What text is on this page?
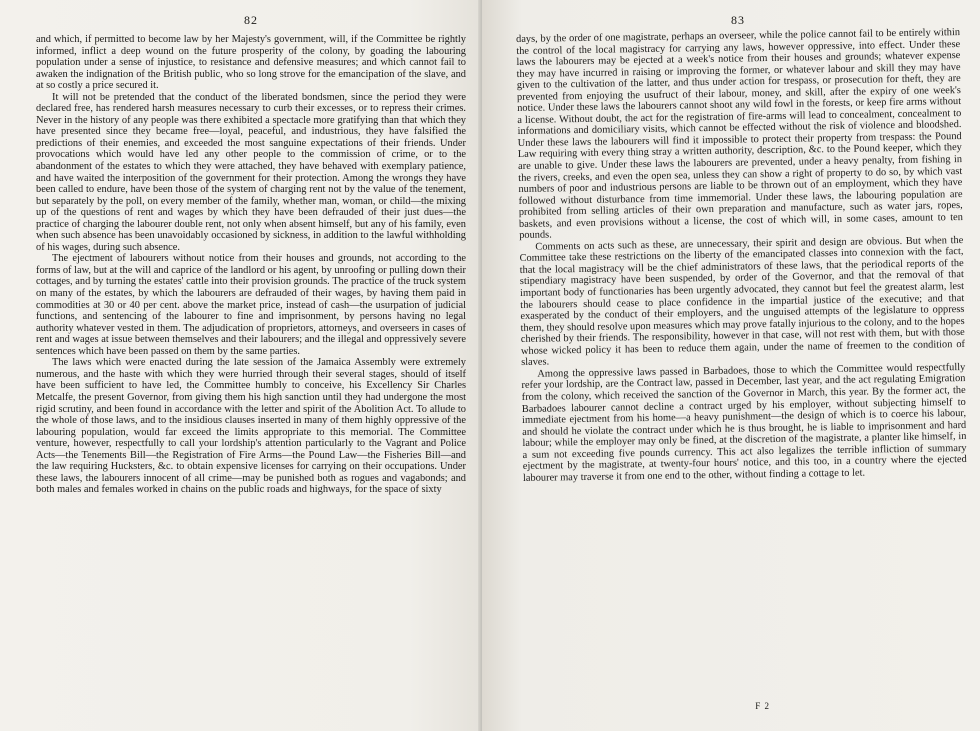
82

and which, if permitted to become law by her Majesty's government, will, if the Committee be rightly informed, inflict a deep wound on the future prosperity of the colony, by goading the labouring population under a sense of injustice, to resistance and defensive measures; and which cannot fail to awaken the indignation of the British public, who so long strove for the emancipation of the slave, and at so costly a price secured it.

It will not be pretended that the conduct of the liberated bondsmen, since the period they were declared free, has rendered harsh measures necessary to curb their excesses, or to repress their crimes. Never in the history of any people was there exhibited a spectacle more gratifying than that which they have presented since they became free—loyal, peaceful, and industrious, they have falsified the predictions of their enemies, and exceeded the most sanguine expectations of their friends. Under provocations which would have led any other people to the commission of crime, or to the abandonment of the estates to which they were attached, they have behaved with exemplary patience, and have waited the interposition of the government for their protection. Among the wrongs they have been called to endure, have been those of the system of charging rent not by the value of the tenement, but separately by the poll, on every member of the family, whether man, woman, or child—the mixing up of the questions of rent and wages by which they have been defrauded of their just dues—the practice of charging the labourer double rent, not only when absent himself, but any of his family, even when such absence has been unavoidably occasioned by sickness, in addition to the lawful withholding of his wages, during such absence.

The ejectment of labourers without notice from their houses and grounds, not according to the forms of law, but at the will and caprice of the landlord or his agent, by unroofing or pulling down their cottages, and by turning the estates' cattle into their provision grounds. The practice of the truck system on many of the estates, by which the labourers are defrauded of their wages, by having them paid in commodities at 30 or 40 per cent. above the market price, instead of cash—the usurpation of judicial functions, and sentencing of the labourer to fine and imprisonment, by persons having no legal authority whatever vested in them. The adjudication of proprietors, attorneys, and overseers in cases of rent and wages at issue between themselves and their labourers; and the illegal and oppressively severe sentences which have been passed on them by the same parties.

The laws which were enacted during the late session of the Jamaica Assembly were extremely numerous, and the haste with which they were hurried through their several stages, should of itself have been sufficient to have led, the Committee humbly to conceive, his Excellency Sir Charles Metcalfe, the present Governor, from giving them his high sanction until they had undergone the most rigid scrutiny, and been found in accordance with the letter and spirit of the Abolition Act. To allude to the whole of those laws, and to the insidious clauses inserted in many of them highly oppressive of the labouring population, would far exceed the limits appropriate to this memorial. The Committee venture, however, respectfully to call your lordship's attention particularly to the Vagrant and Police Acts—the Tenements Bill—the Registration of Fire Arms—the Pound Law—the Fisheries Bill—and the law requiring Hucksters, &c. to obtain expensive licenses for carrying on their occupations. Under these laws, the labourers innocent of all crime—may be punished both as rogues and vagabonds; and both males and females worked in chains on the public roads and highways, for the space of sixty

83

days, by the order of one magistrate, perhaps an overseer, while the police cannot fail to be entirely within the control of the local magistracy for carrying any laws, however oppressive, into effect. Under these laws the labourers may be ejected at a week's notice from their houses and grounds; whatever expense they may have incurred in raising or improving the former, or whatever labour and skill they may have given to the cultivation of the latter, and thus under action for trespass, or prosecution for theft, they are prevented from enjoying the usufruct of their labour, money, and skill, after the expiry of one week's notice. Under these laws the labourers cannot shoot any wild fowl in the forests, or keep fire arms without a license. Without doubt, the act for the registration of fire-arms will lead to concealment, concealment to informations and domiciliary visits, which cannot be effected without the risk of violence and bloodshed. Under these laws the labourers will find it impossible to protect their property from trespass: the Pound Law requiring with every thing stray a written authority, description, &c. to the Pound keeper, which they are unable to give. Under these laws the labourers are prevented, under a heavy penalty, from fishing in the rivers, creeks, and even the open sea, unless they can show a right of property to do so, by which vast numbers of poor and industrious persons are liable to be thrown out of an employment, which they have followed without disturbance from time immemorial. Under these laws, the labouring population are prohibited from selling articles of their own preparation and manufacture, such as water jars, ropes, baskets, and even provisions without a license, the cost of which will, in some cases, amount to ten pounds.

Comments on acts such as these, are unnecessary, their spirit and design are obvious. But when the Committee take these restrictions on the liberty of the emancipated classes into connexion with the fact, that the local magistracy will be the chief administrators of these laws, that the periodical reports of the stipendiary magistracy have been suspended, by order of the Governor, and that the removal of that important body of functionaries has been urgently advocated, they cannot but feel the greatest alarm, lest the labourers should cease to place confidence in the impartial justice of the executive; and that exasperated by the conduct of their employers, and the unguised attempts of the legislature to oppress them, they should resolve upon measures which may prove fatally injurious to the colony, and to the hopes cherished by their friends. The responsibility, however in that case, will not rest with them, but with those whose wicked policy it has been to reduce them again, under the name of freemen to the condition of slaves.

Among the oppressive laws passed in Barbadoes, those to which the Committee would respectfully refer your lordship, are the Contract law, passed in December, last year, and the act regulating Emigration from the colony, which received the sanction of the Governor in March, this year. By the former act, the Barbadoes labourer cannot decline a contract urged by his employer, without subjecting himself to immediate ejectment from his home—a heavy punishment—the design of which is to coerce his labour, and should he violate the contract under which he is thus brought, he is liable to imprisonment and hard labour; while the employer may only be fined, at the discretion of the magistrate, a planter like himself, in a sum not exceeding five pounds currency. This act also legalizes the terrible infliction of summary ejectment by the magistrate, at twenty-four hours' notice, and this too, in a country where the ejected labourer may traverse it from one end to the other, without finding a cottage to let.

F 2
